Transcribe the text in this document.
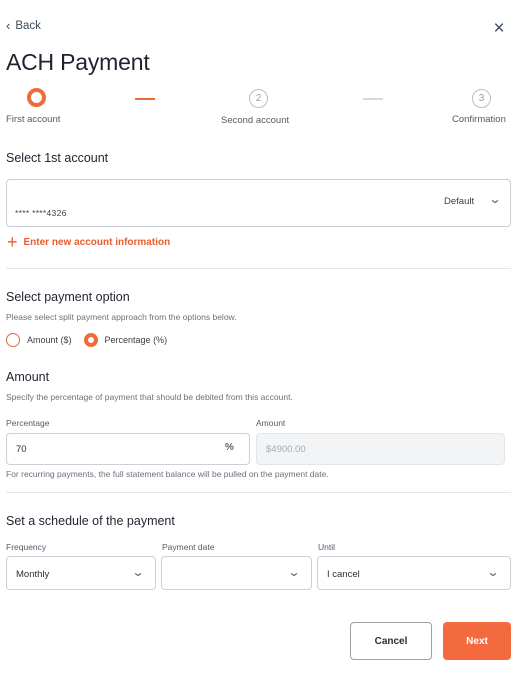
‹ Back	×
ACH Payment
2	3
First account	Second account	Confirmation
Select 1st account
**** ****4326
Default ⌄
+ Enter new account information
Select payment option
Please select split payment approach from the options below.
Amount ($)	Percentage (%)
Amount
Specify the percentage of payment that should be debited from this account.
Percentage	Amount
70	%	$4900.00
For recurring payments, the full statement balance will be pulled on the payment date.
Set a schedule of the payment
Frequency	Payment date	Until
Monthly	⌄	⌄	I cancel	⌄
Cancel	Next
